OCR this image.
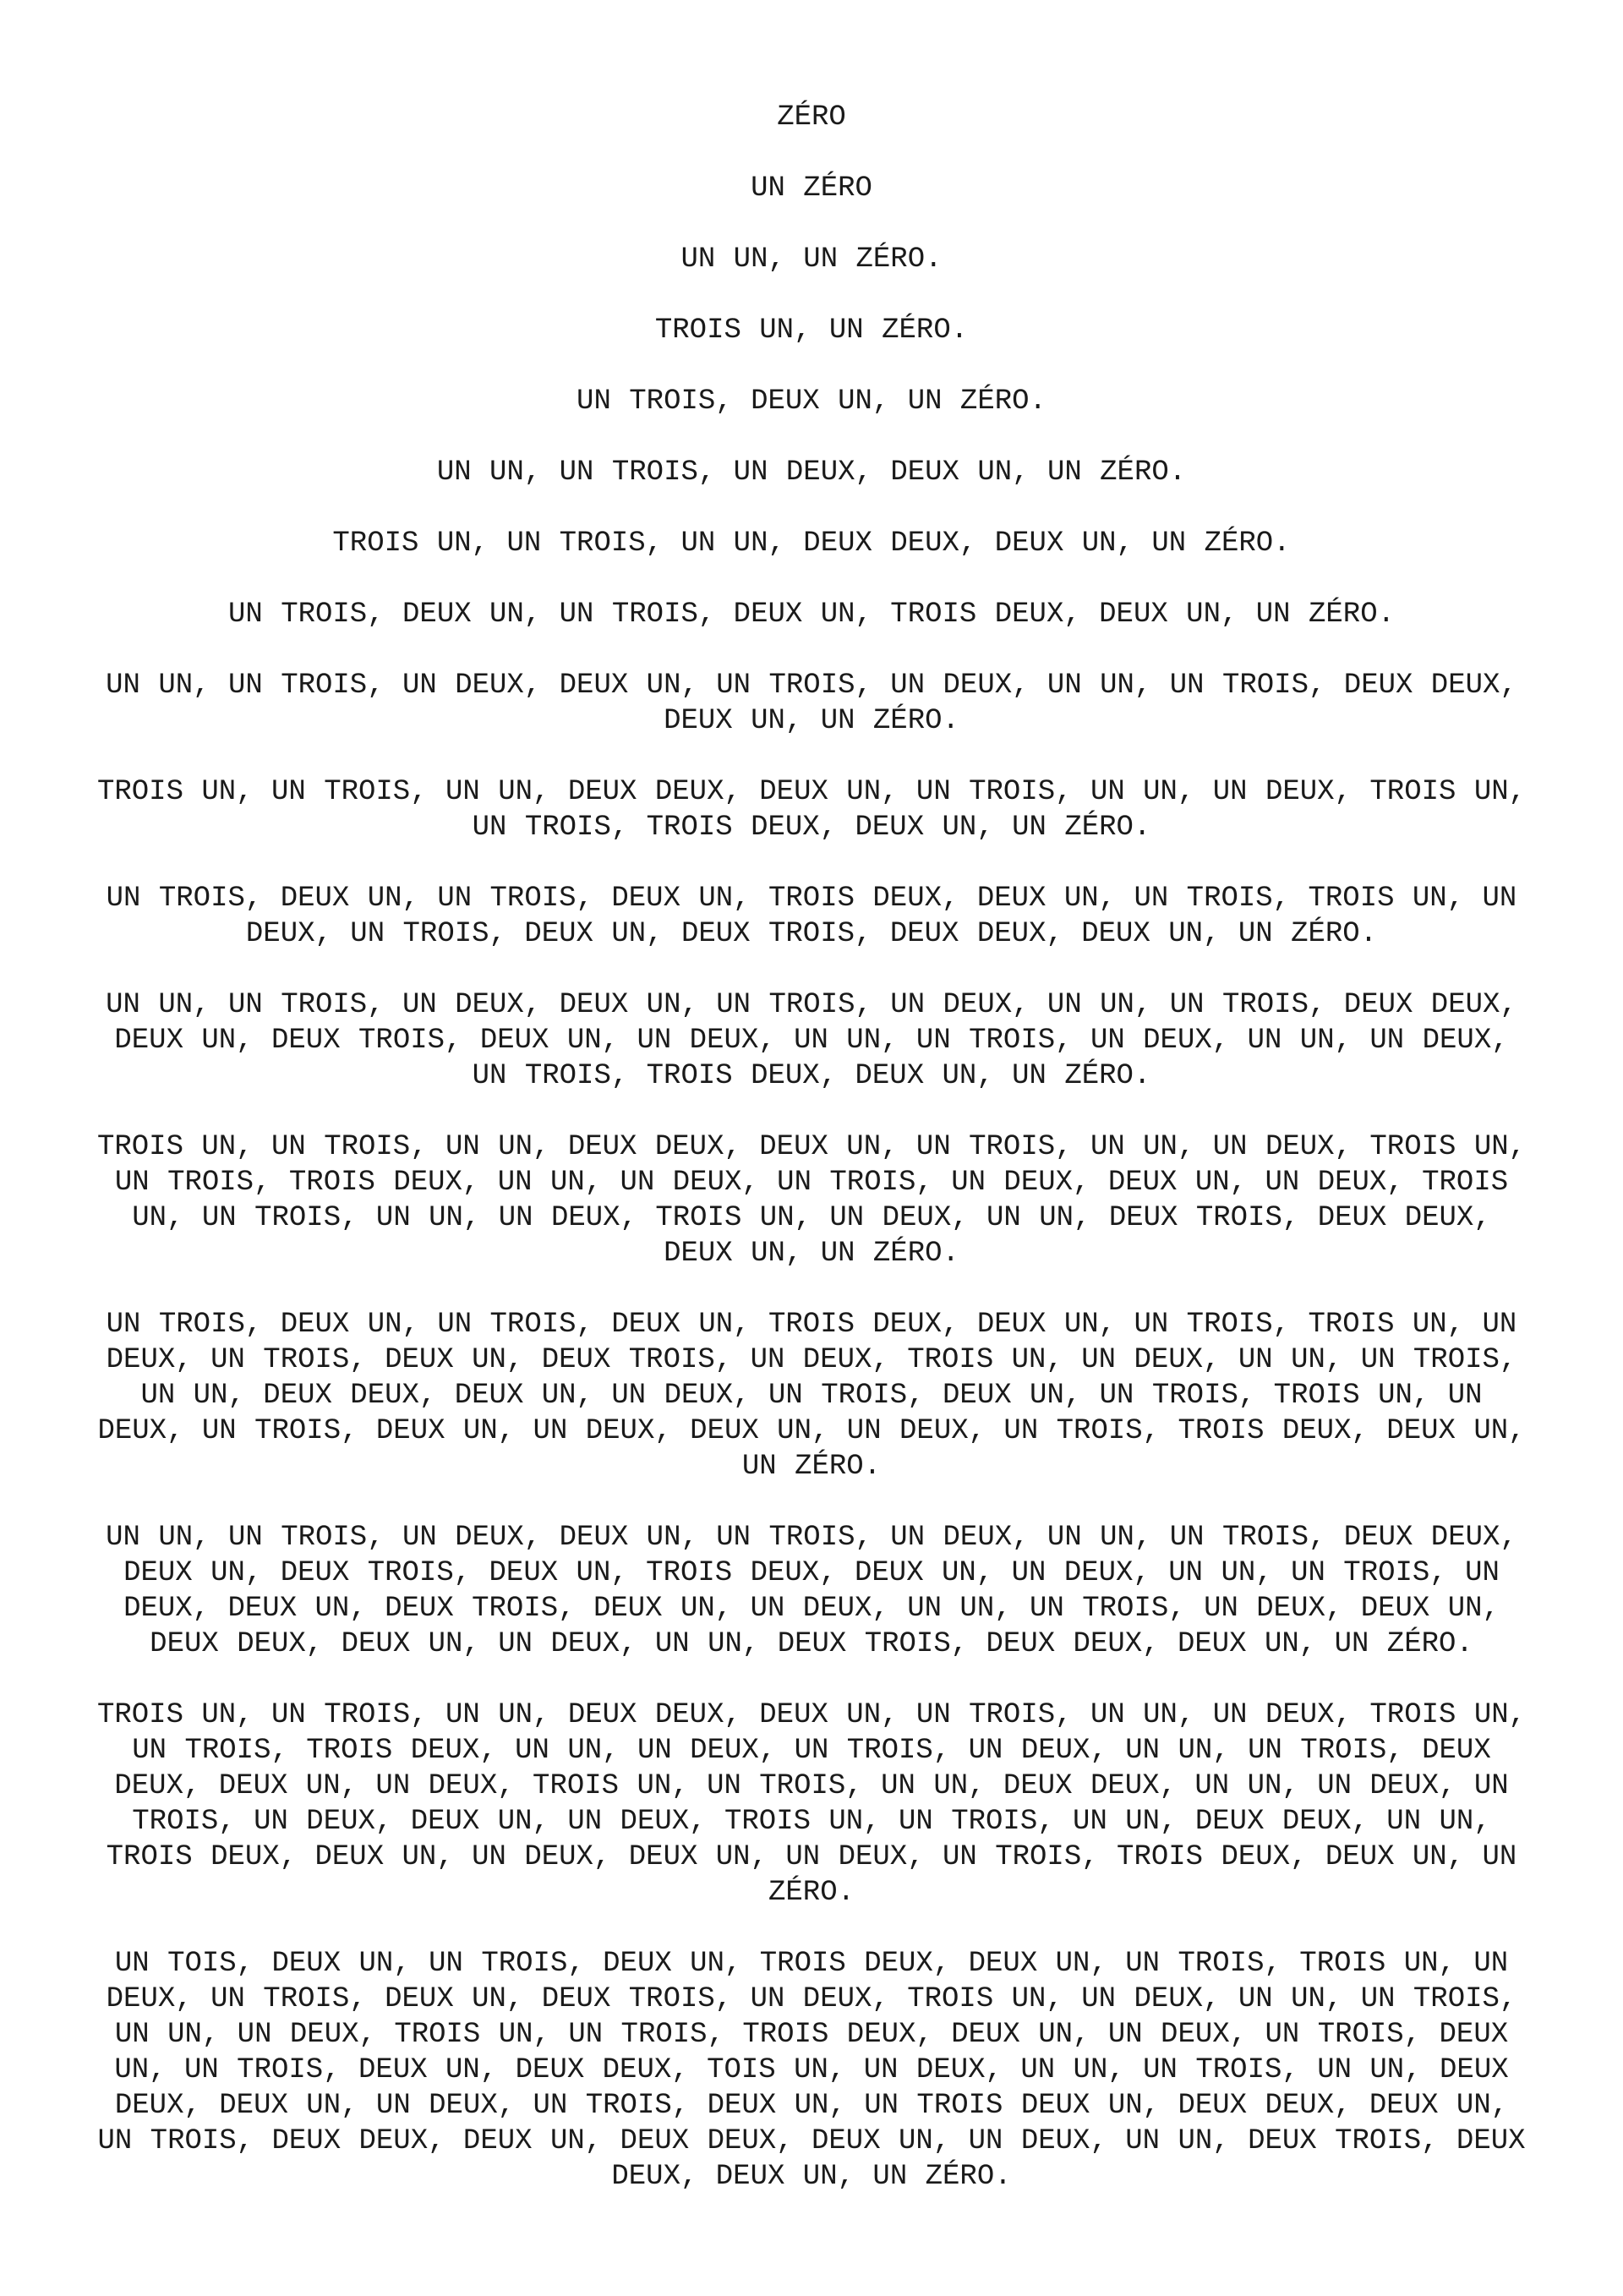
ZÉRO

UN ZÉRO

UN UN, UN ZÉRO.

TROIS UN, UN ZÉRO.

UN TROIS, DEUX UN, UN ZÉRO.

UN UN, UN TROIS, UN DEUX, DEUX UN, UN ZÉRO.

TROIS UN, UN TROIS, UN UN, DEUX DEUX, DEUX UN, UN ZÉRO.

UN TROIS, DEUX UN, UN TROIS, DEUX UN, TROIS DEUX, DEUX UN, UN ZÉRO.

UN UN, UN TROIS, UN DEUX, DEUX UN, UN TROIS, UN DEUX, UN UN, UN TROIS, DEUX DEUX, DEUX UN, UN ZÉRO.

TROIS UN, UN TROIS, UN UN, DEUX DEUX, DEUX UN, UN TROIS, UN UN, UN DEUX, TROIS UN, UN TROIS, TROIS DEUX, DEUX UN, UN ZÉRO.

UN TROIS, DEUX UN, UN TROIS, DEUX UN, TROIS DEUX, DEUX UN, UN TROIS, TROIS UN, UN DEUX, UN TROIS, DEUX UN, DEUX TROIS, DEUX DEUX, DEUX UN, UN ZÉRO.

UN UN, UN TROIS, UN DEUX, DEUX UN, UN TROIS, UN DEUX, UN UN, UN TROIS, DEUX DEUX, DEUX UN, DEUX TROIS, DEUX UN, UN DEUX, UN UN, UN TROIS, UN DEUX, UN UN, UN DEUX, UN TROIS, TROIS DEUX, DEUX UN, UN ZÉRO.

TROIS UN, UN TROIS, UN UN, DEUX DEUX, DEUX UN, UN TROIS, UN UN, UN DEUX, TROIS UN, UN TROIS, TROIS DEUX, UN UN, UN DEUX, UN TROIS, UN DEUX, DEUX UN, UN DEUX, TROIS UN, UN TROIS, UN UN, UN DEUX, TROIS UN, UN DEUX, UN UN, DEUX TROIS, DEUX DEUX, DEUX UN, UN ZÉRO.

UN TROIS, DEUX UN, UN TROIS, DEUX UN, TROIS DEUX, DEUX UN, UN TROIS, TROIS UN, UN DEUX, UN TROIS, DEUX UN, DEUX TROIS, UN DEUX, TROIS UN, UN DEUX, UN UN, UN TROIS, UN UN, DEUX DEUX, DEUX UN, UN DEUX, UN TROIS, DEUX UN, UN TROIS, TROIS UN, UN DEUX, UN TROIS, DEUX UN, UN DEUX, DEUX UN, UN DEUX, UN TROIS, TROIS DEUX, DEUX UN, UN ZÉRO.

UN UN, UN TROIS, UN DEUX, DEUX UN, UN TROIS, UN DEUX, UN UN, UN TROIS, DEUX DEUX, DEUX UN, DEUX TROIS, DEUX UN, TROIS DEUX, DEUX UN, UN DEUX, UN UN, UN TROIS, UN DEUX, DEUX UN, DEUX TROIS, DEUX UN, UN DEUX, UN UN, UN TROIS, UN DEUX, DEUX UN, DEUX DEUX, DEUX UN, UN DEUX, UN UN, DEUX TROIS, DEUX DEUX, DEUX UN, UN ZÉRO.

TROIS UN, UN TROIS, UN UN, DEUX DEUX, DEUX UN, UN TROIS, UN UN, UN DEUX, TROIS UN, UN TROIS, TROIS DEUX, UN UN, UN DEUX, UN TROIS, UN DEUX, UN UN, UN TROIS, DEUX DEUX, DEUX UN, UN DEUX, TROIS UN, UN TROIS, UN UN, DEUX DEUX, UN UN, UN DEUX, UN TROIS, UN DEUX, DEUX UN, UN DEUX, TROIS UN, UN TROIS, UN UN, DEUX DEUX, UN UN, TROIS DEUX, DEUX UN, UN DEUX, DEUX UN, UN DEUX, UN TROIS, TROIS DEUX, DEUX UN, UN ZÉRO.

UN TOIS, DEUX UN, UN TROIS, DEUX UN, TROIS DEUX, DEUX UN, UN TROIS, TROIS UN, UN DEUX, UN TROIS, DEUX UN, DEUX TROIS, UN DEUX, TROIS UN, UN DEUX, UN UN, UN TROIS, UN UN, UN DEUX, TROIS UN, UN TROIS, TROIS DEUX, DEUX UN, UN DEUX, UN TROIS, DEUX UN, UN TROIS, DEUX UN, DEUX DEUX, TOIS UN, UN DEUX, UN UN, UN TROIS, UN UN, DEUX DEUX, DEUX UN, UN DEUX, UN TROIS, DEUX UN, UN TROIS DEUX UN, DEUX DEUX, DEUX UN, UN TROIS, DEUX DEUX, DEUX UN, DEUX DEUX, DEUX UN, UN DEUX, UN UN, DEUX TROIS, DEUX DEUX, DEUX UN, UN ZÉRO.
